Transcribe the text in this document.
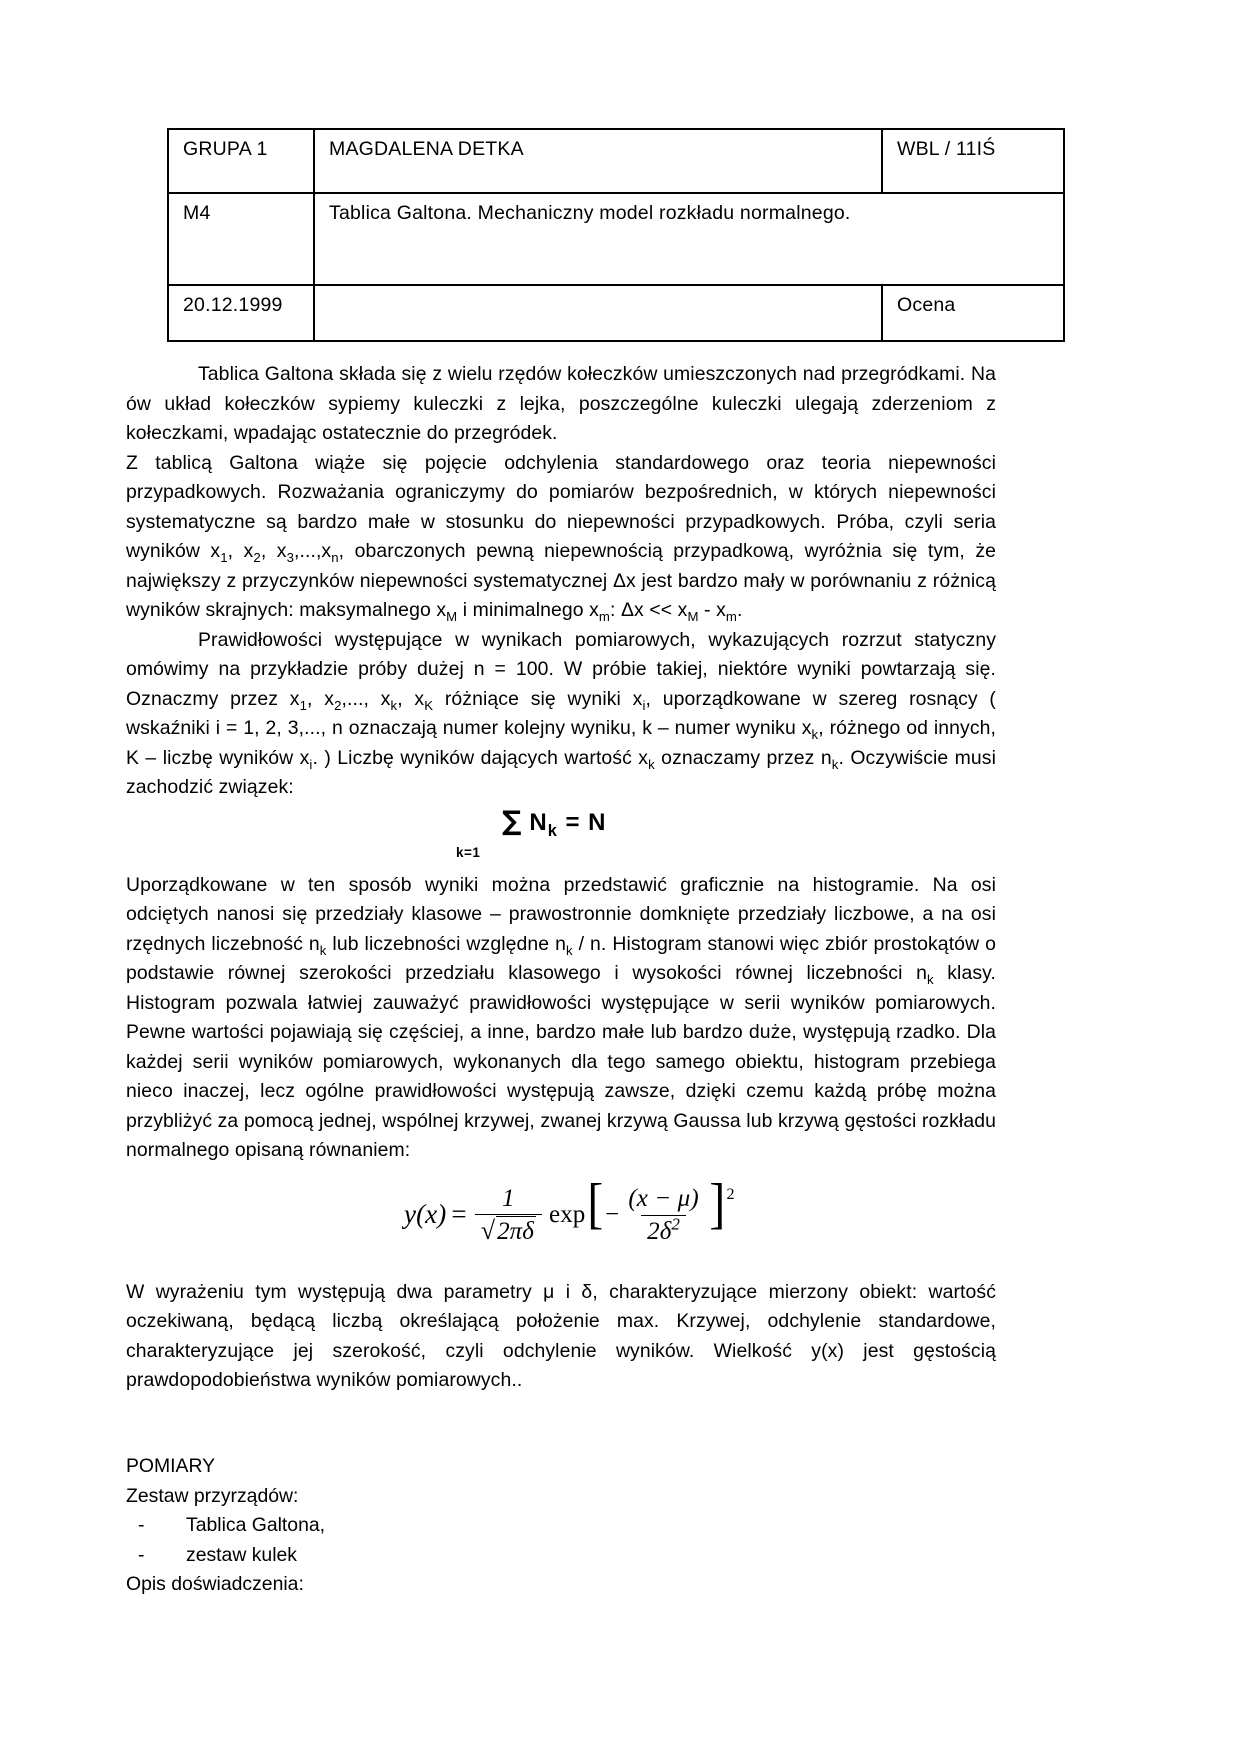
GRUPA 1	MAGDALENA DETKA	WBL / 11IŚ
M4	Tablica Galtona. Mechaniczny model rozkładu normalnego.	
20.12.1999		Ocena

Tablica Galtona składa się z wielu rzędów kołeczków umieszczonych nad przegródkami. Na ów układ kołeczków sypiemy kuleczki z lejka, poszczególne kuleczki ulegają zderzeniom z kołeczkami, wpadając ostatecznie do przegródek.

Z tablicą Galtona wiąże się pojęcie odchylenia standardowego oraz teoria niepewności przypadkowych. Rozważania ograniczymy do pomiarów bezpośrednich, w których niepewności systematyczne są bardzo małe w stosunku do niepewności przypadkowych. Próba, czyli seria wyników $x_1$, $x_2$, $x_3,...,x_n$, obarczonych pewną niepewnością przypadkową, wyróżnia się tym, że największy z przyczynków niepewności systematycznej Δx jest bardzo mały w porównaniu z różnicą wyników skrajnych: maksymalnego $x_M$ i minimalnego $x_m$: $\Delta x << x_M - x_m$.

Prawidłowości występujące w wynikach pomiarowych, wykazujących rozrzut statyczny omówimy na przykładzie próby dużej n = 100. W próbie takiej, niektóre wyniki powtarzają się. Oznaczmy przez $x_1$, $x_2$,..., $x_k$, $x_K$ różniące się wyniki $x_i$, uporządkowane w szereg rosnący ( wskaźniki i = 1, 2, 3,..., n oznaczają numer kolejny wyniku, k – numer wyniku $x_k$, różnego od innych, K – liczbę wyników $x_i$. ) Liczbę wyników dających wartość $x_k$ oznaczamy przez $n_k$. Oczywiście musi zachodzić związek:

∑ $N_k = N$
k=1

Uporządkowane w ten sposób wyniki można przedstawić graficznie na histogramie. Na osi odciętych nanosi się przedziały klasowe – prawostronnie domknięte przedziały liczbowe, a na osi rzędnych liczebność $n_k$ lub liczebności względne $n_k$ / n. Histogram stanowi więc zbiór prostokątów o podstawie równej szerokości przedziału klasowego i wysokości równej liczebności $n_k$ klasy. Histogram pozwala łatwiej zauważyć prawidłowości występujące w serii wyników pomiarowych. Pewne wartości pojawiają się częściej, a inne, bardzo małe lub bardzo duże, występują rzadko. Dla każdej serii wyników pomiarowych, wykonanych dla tego samego obiektu, histogram przebiega nieco inaczej, lecz ogólne prawidłowości występują zawsze, dzięki czemu każdą próbę można przybliżyć za pomocą jednej, wspólnej krzywej, zwanej krzywą Gaussa lub krzywą gęstości rozkładu normalnego opisaną równaniem:

$y(x) = \frac{1}{√2\pi\delta}$ exp [ − $\frac{(x - \mu)}{2\delta^2}$ ] 2

W wyrażeniu tym występują dwa parametry μ i δ, charakteryzujące mierzony obiekt: wartość oczekiwaną, będącą liczbą określającą położenie max. Krzywej, odchylenie standardowe, charakteryzujące jej szerokość, czyli odchylenie wyników. Wielkość y(x) jest gęstością prawdopodobieństwa wyników pomiarowych..

POMIARY
Zestaw przyrządów:
- Tablica Galtona,
- zestaw kulek
Opis doświadczenia:
